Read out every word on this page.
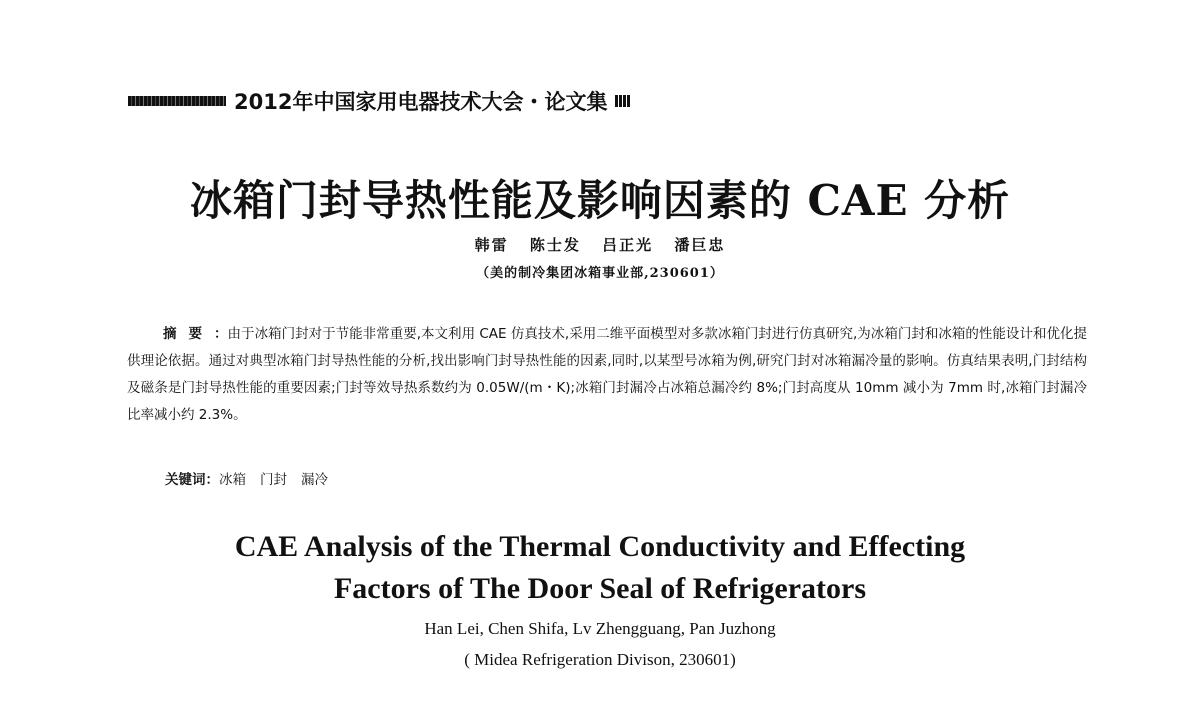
2012年中国家用电器技术大会・论文集
冰箱门封导热性能及影响因素的 CAE 分析
韩雷 陈士发 吕正光 潘巨忠
（美的制冷集团冰箱事业部,230601）
摘要：由于冰箱门封对于节能非常重要,本文利用 CAE 仿真技术,采用二维平面模型对多款冰箱门封进行仿真研究,为冰箱门封和冰箱的性能设计和优化提供理论依据。通过对典型冰箱门封导热性能的分析,找出影响门封导热性能的因素,同时,以某型号冰箱为例,研究门封对冰箱漏冷量的影响。仿真结果表明,门封结构及磁条是门封导热性能的重要因素;门封等效导热系数约为 0.05W/(m・K);冰箱门封漏冷占冰箱总漏冷约 8%;门封高度从 10mm 减小为 7mm 时,冰箱门封漏冷比率减小约 2.3%。
关键词：冰箱 门封 漏冷
CAE Analysis of the Thermal Conductivity and Effecting
Factors of The Door Seal of Refrigerators
Han Lei, Chen Shifa, Lv Zhengguang, Pan Juzhong
( Midea Refrigeration Divison, 230601)
